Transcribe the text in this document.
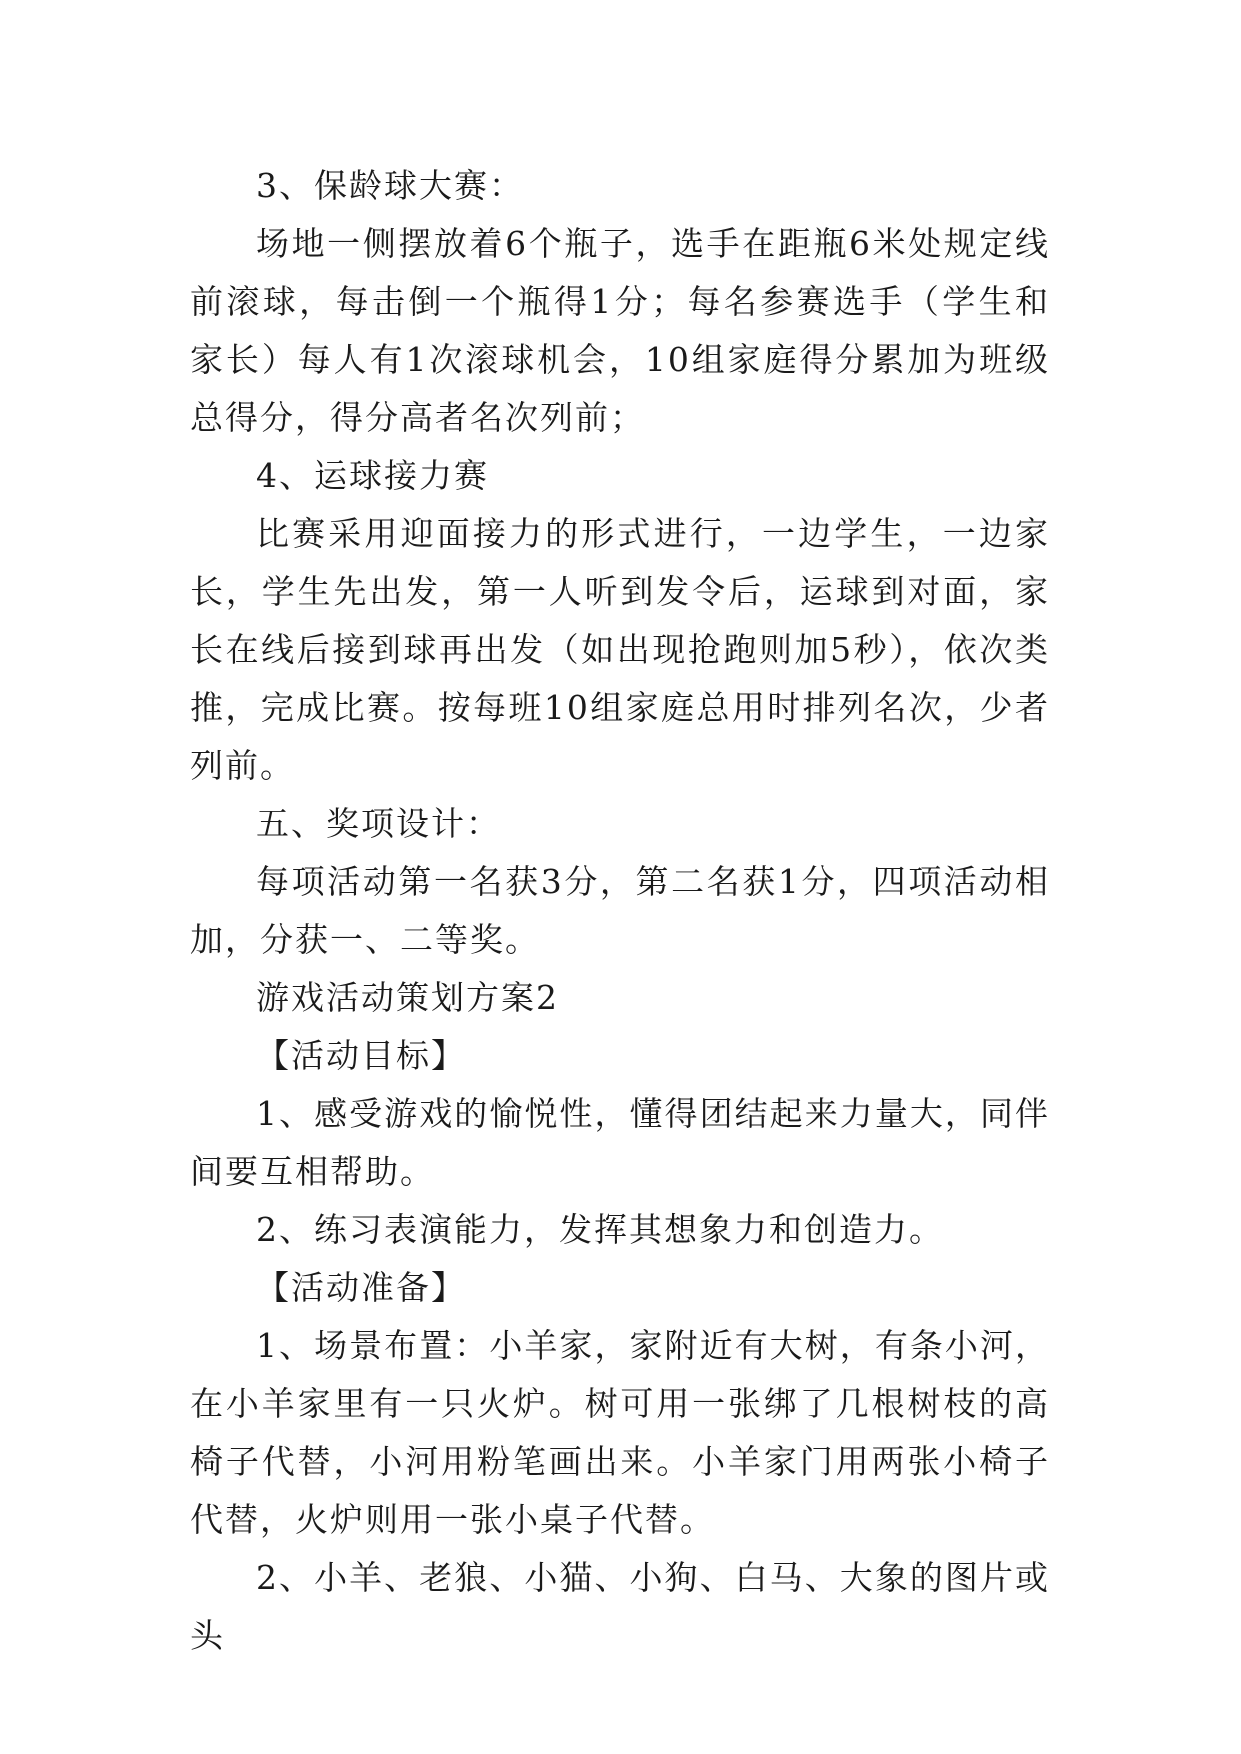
3、保龄球大赛：

场地一侧摆放着6个瓶子，选手在距瓶6米处规定线前滚球，每击倒一个瓶得1分；每名参赛选手（学生和家长）每人有1次滚球机会，10组家庭得分累加为班级总得分，得分高者名次列前；

4、运球接力赛

比赛采用迎面接力的形式进行，一边学生，一边家长，学生先出发，第一人听到发令后，运球到对面，家长在线后接到球再出发（如出现抢跑则加5秒），依次类推，完成比赛。按每班10组家庭总用时排列名次，少者列前。

五、奖项设计：

每项活动第一名获3分，第二名获1分，四项活动相加，分获一、二等奖。

游戏活动策划方案2

【活动目标】

1、感受游戏的愉悦性，懂得团结起来力量大，同伴间要互相帮助。

2、练习表演能力，发挥其想象力和创造力。

【活动准备】

1、场景布置：小羊家，家附近有大树，有条小河，在小羊家里有一只火炉。树可用一张绑了几根树枝的高椅子代替，小河用粉笔画出来。小羊家门用两张小椅子代替，火炉则用一张小桌子代替。

2、小羊、老狼、小猫、小狗、白马、大象的图片或头
